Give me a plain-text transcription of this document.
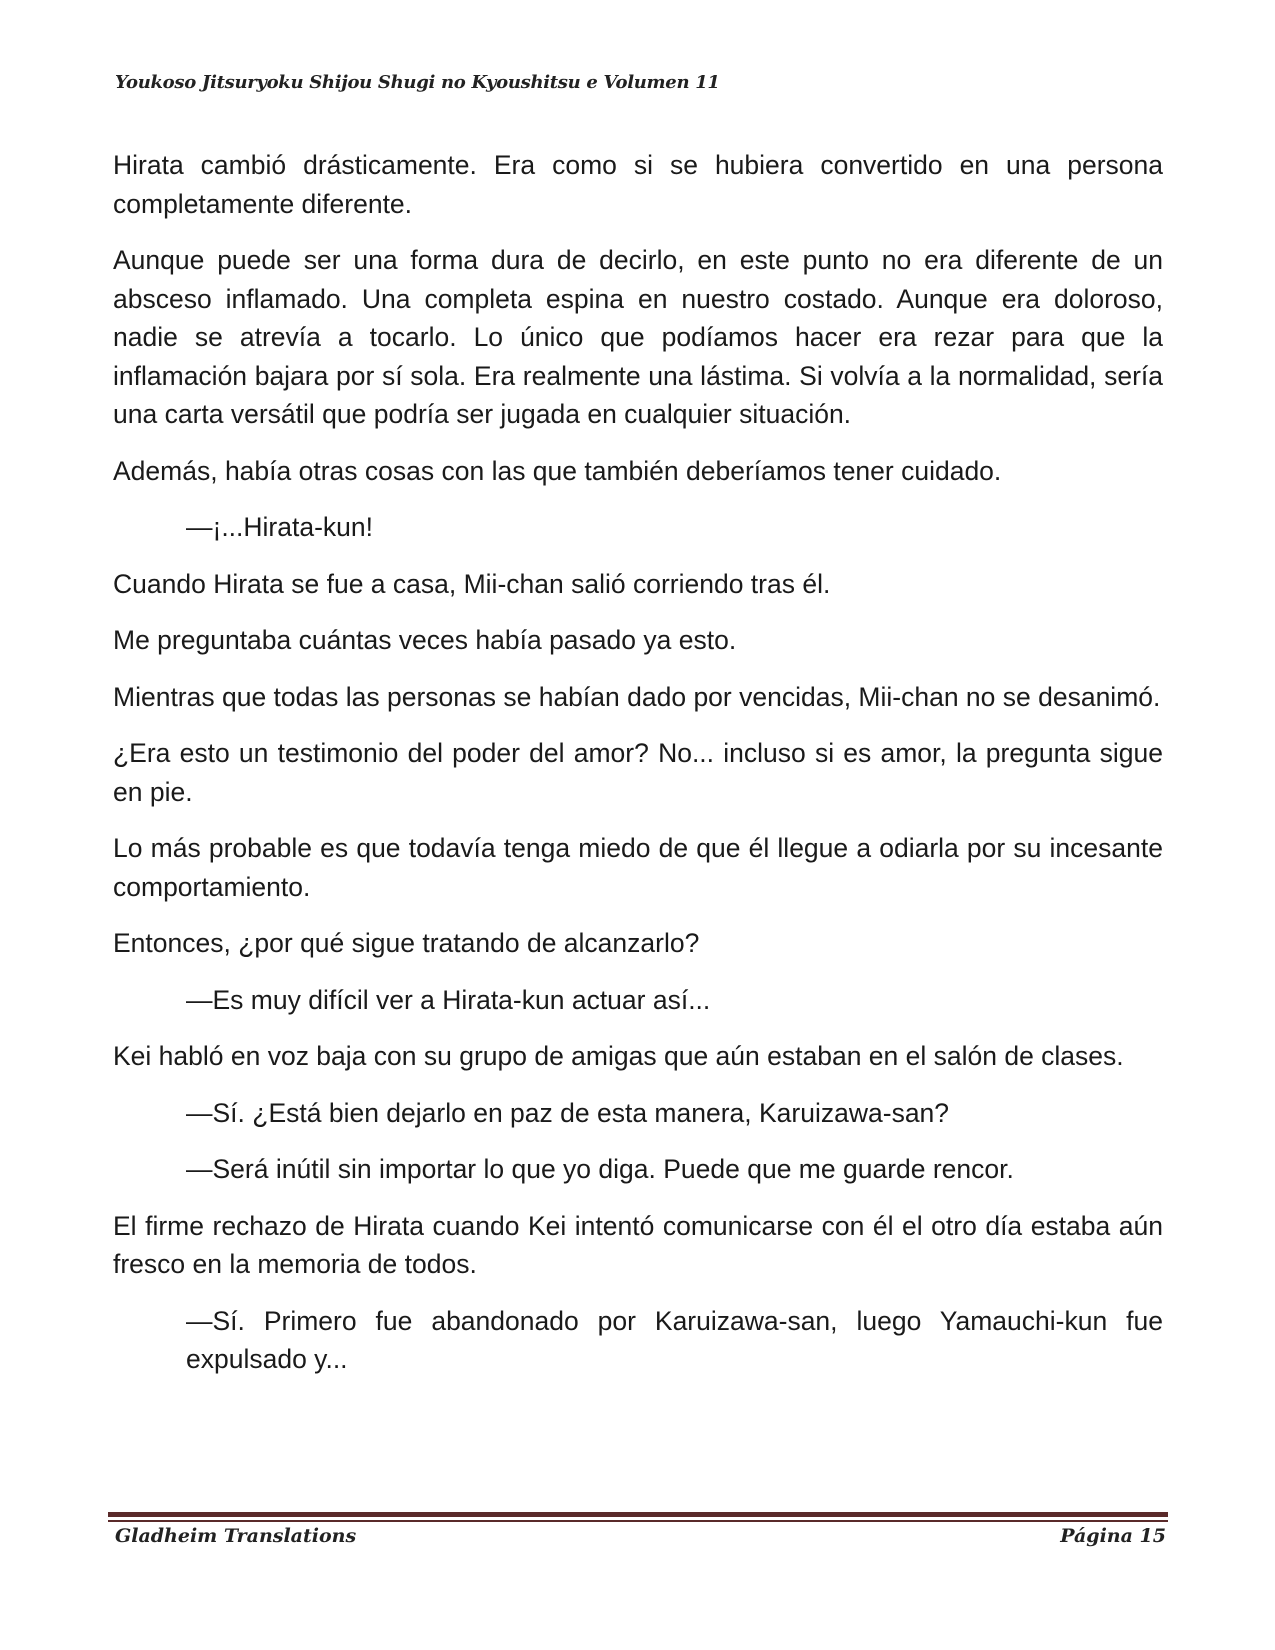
Youkoso Jitsuryoku Shijou Shugi no Kyoushitsu e Volumen 11

Hirata cambió drásticamente. Era como si se hubiera convertido en una persona completamente diferente.

Aunque puede ser una forma dura de decirlo, en este punto no era diferente de un absceso inflamado. Una completa espina en nuestro costado. Aunque era doloroso, nadie se atrevía a tocarlo. Lo único que podíamos hacer era rezar para que la inflamación bajara por sí sola. Era realmente una lástima. Si volvía a la normalidad, sería una carta versátil que podría ser jugada en cualquier situación.

Además, había otras cosas con las que también deberíamos tener cuidado.

—¡...Hirata-kun!

Cuando Hirata se fue a casa, Mii-chan salió corriendo tras él.

Me preguntaba cuántas veces había pasado ya esto.

Mientras que todas las personas se habían dado por vencidas, Mii-chan no se desanimó.

¿Era esto un testimonio del poder del amor? No... incluso si es amor, la pregunta sigue en pie.

Lo más probable es que todavía tenga miedo de que él llegue a odiarla por su incesante comportamiento.

Entonces, ¿por qué sigue tratando de alcanzarlo?

—Es muy difícil ver a Hirata-kun actuar así...

Kei habló en voz baja con su grupo de amigas que aún estaban en el salón de clases.

—Sí. ¿Está bien dejarlo en paz de esta manera, Karuizawa-san?

—Será inútil sin importar lo que yo diga. Puede que me guarde rencor.

El firme rechazo de Hirata cuando Kei intentó comunicarse con él el otro día estaba aún fresco en la memoria de todos.

—Sí. Primero fue abandonado por Karuizawa-san, luego Yamauchi-kun fue expulsado y...

Gladheim Translations	Página 15
